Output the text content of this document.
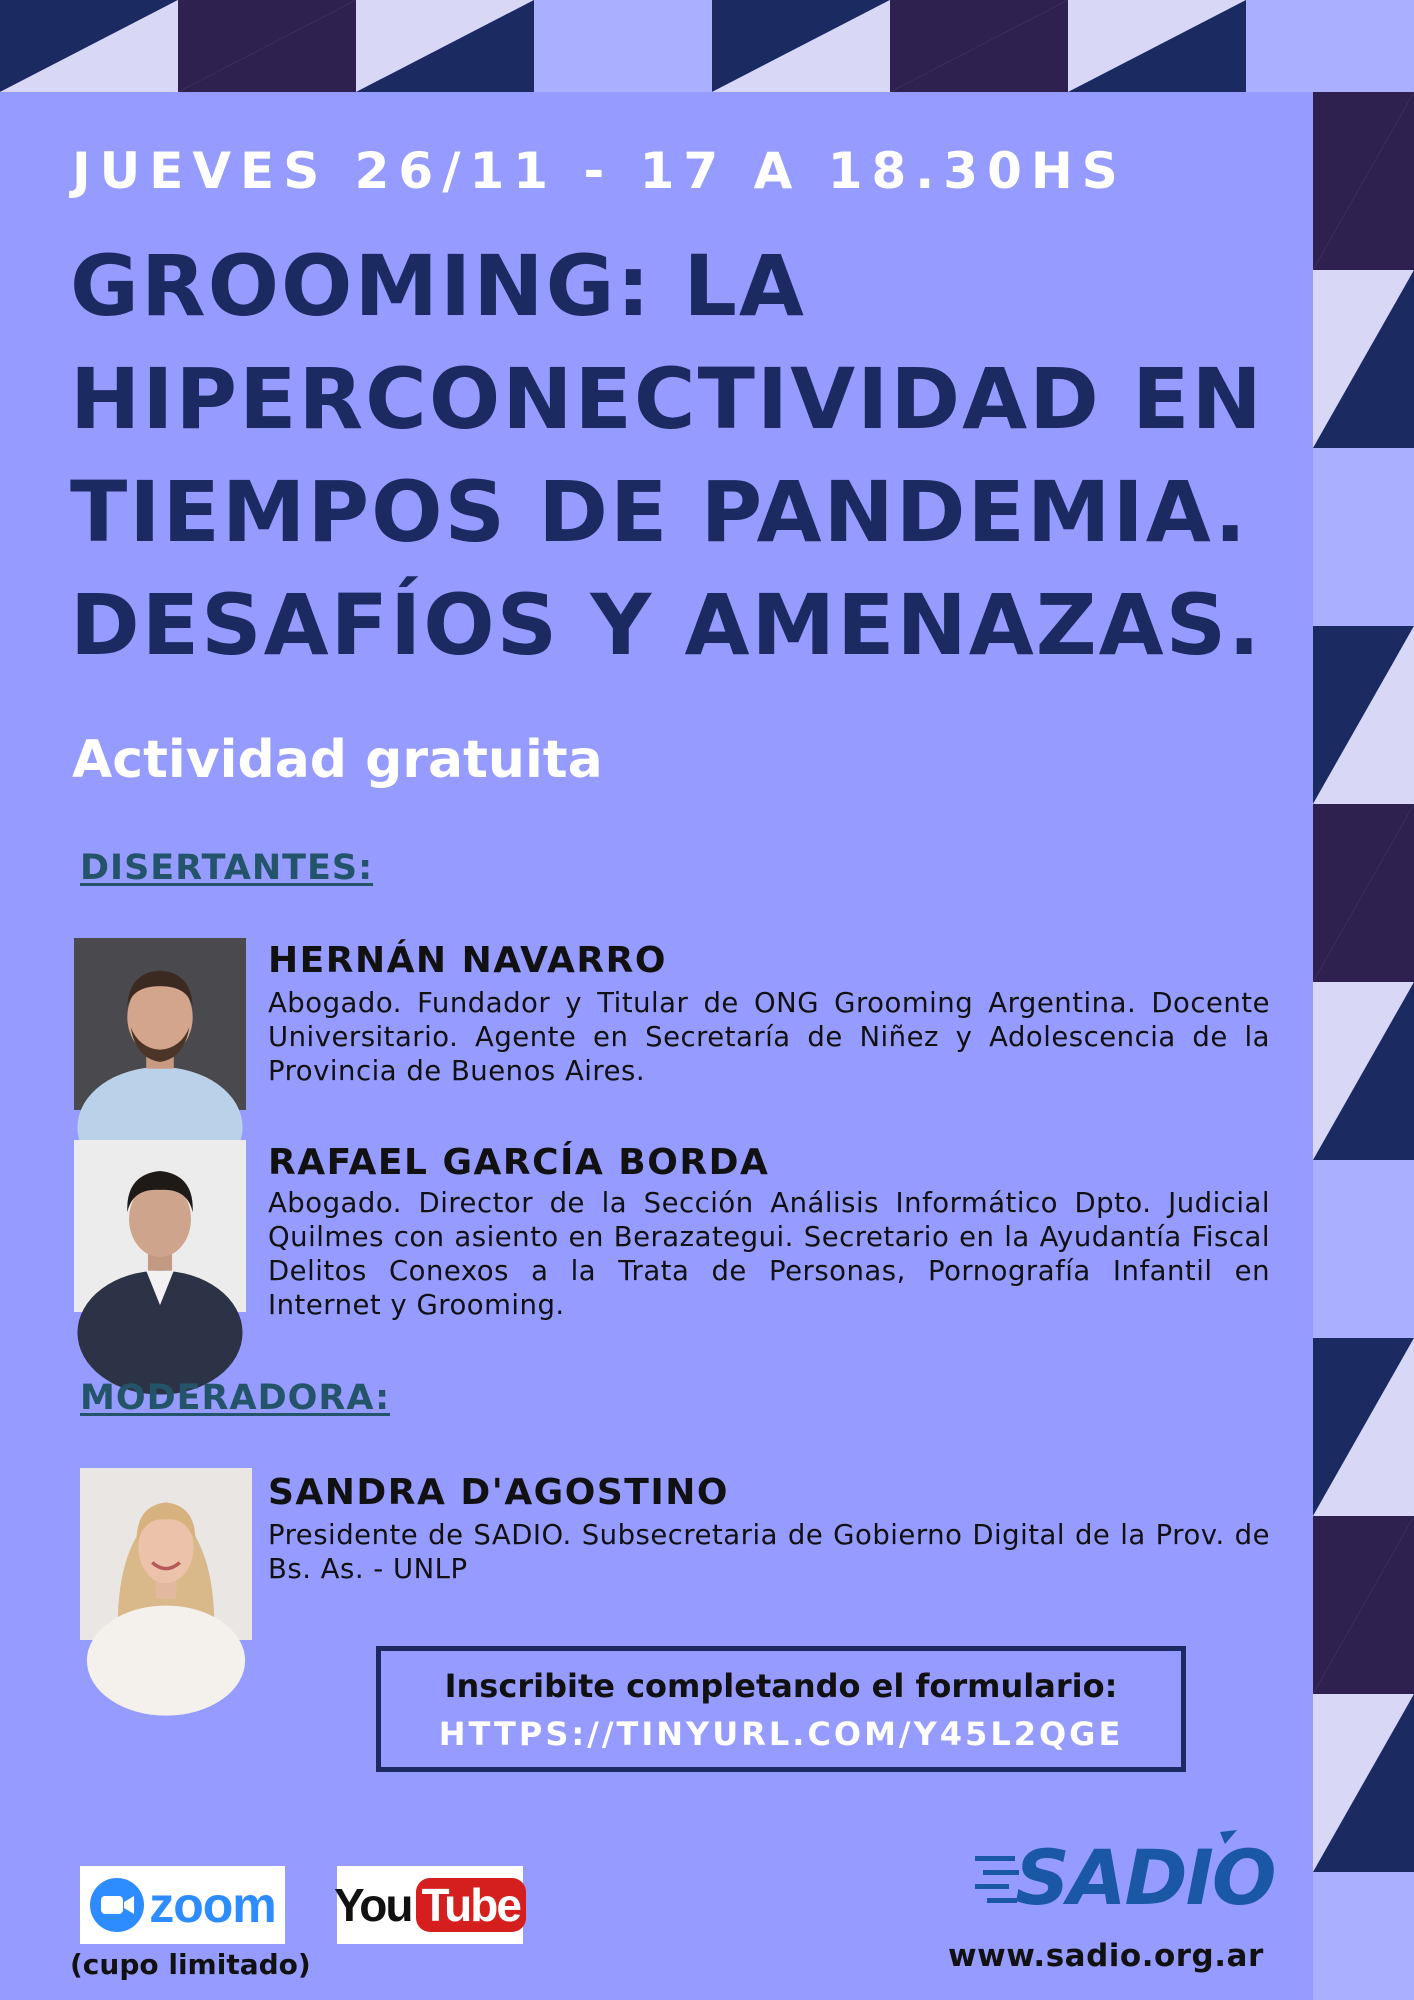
JUEVES 26/11 - 17 A 18.30HS
GROOMING: LA
HIPERCONECTIVIDAD EN
TIEMPOS DE PANDEMIA.
DESAFÍOS Y AMENAZAS.

Actividad gratuita

DISERTANTES:

HERNÁN NAVARRO

Abogado. Fundador y Titular de ONG Grooming Argentina. Docente Universitario. Agente en Secretaría de Niñez y Adolescencia de la Provincia de Buenos Aires.

RAFAEL GARCÍA BORDA

Abogado. Director de la Sección Análisis Informático Dpto. Judicial Quilmes con asiento en Berazategui. Secretario en la Ayudantía Fiscal Delitos Conexos a la Trata de Personas, Pornografía Infantil en Internet y Grooming.

MODERADORA:

SANDRA D'AGOSTINO

Presidente de SADIO. Subsecretaria de Gobierno Digital de la Prov. de Bs. As. - UNLP

Inscribite completando el formulario:

HTTPS://TINYURL.COM/Y45L2QGE

zoom

(cupo limitado)

You Tube	SADIO

www.sadio.org.ar
